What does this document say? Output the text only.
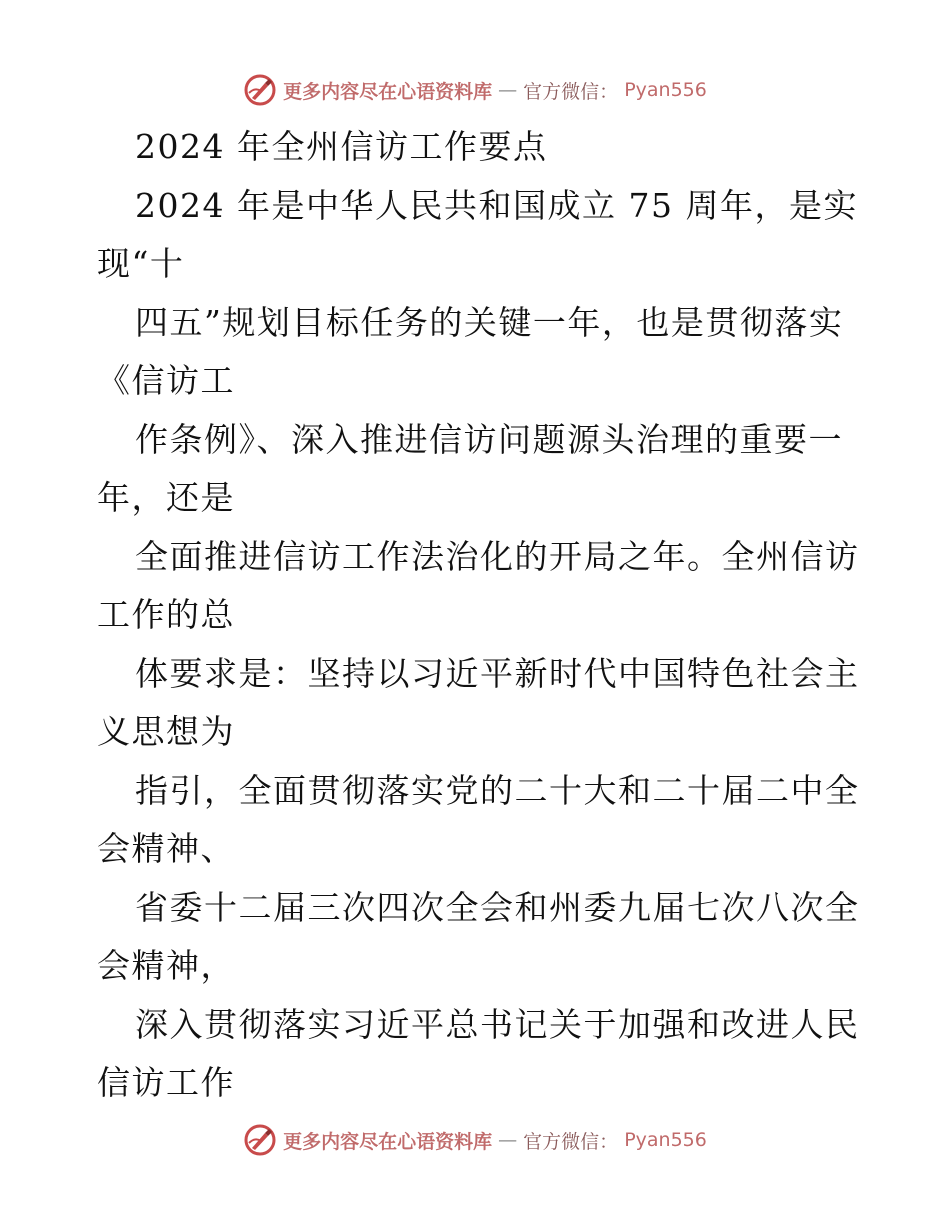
更多内容尽在心语资料库 — 官方微信： Pyan556
2024 年全州信访工作要点
2024 年是中华人民共和国成立 75 周年，是实
现“十
四五”规划目标任务的关键一年，也是贯彻落实
《信访工
作条例》、深入推进信访问题源头治理的重要一
年，还是
全面推进信访工作法治化的开局之年。全州信访
工作的总
体要求是：坚持以习近平新时代中国特色社会主
义思想为
指引，全面贯彻落实党的二十大和二十届二中全
会精神、
省委十二届三次四次全会和州委九届七次八次全
会精神，
深入贯彻落实习近平总书记关于加强和改进人民
信访工作
更多内容尽在心语资料库 — 官方微信： Pyan556
